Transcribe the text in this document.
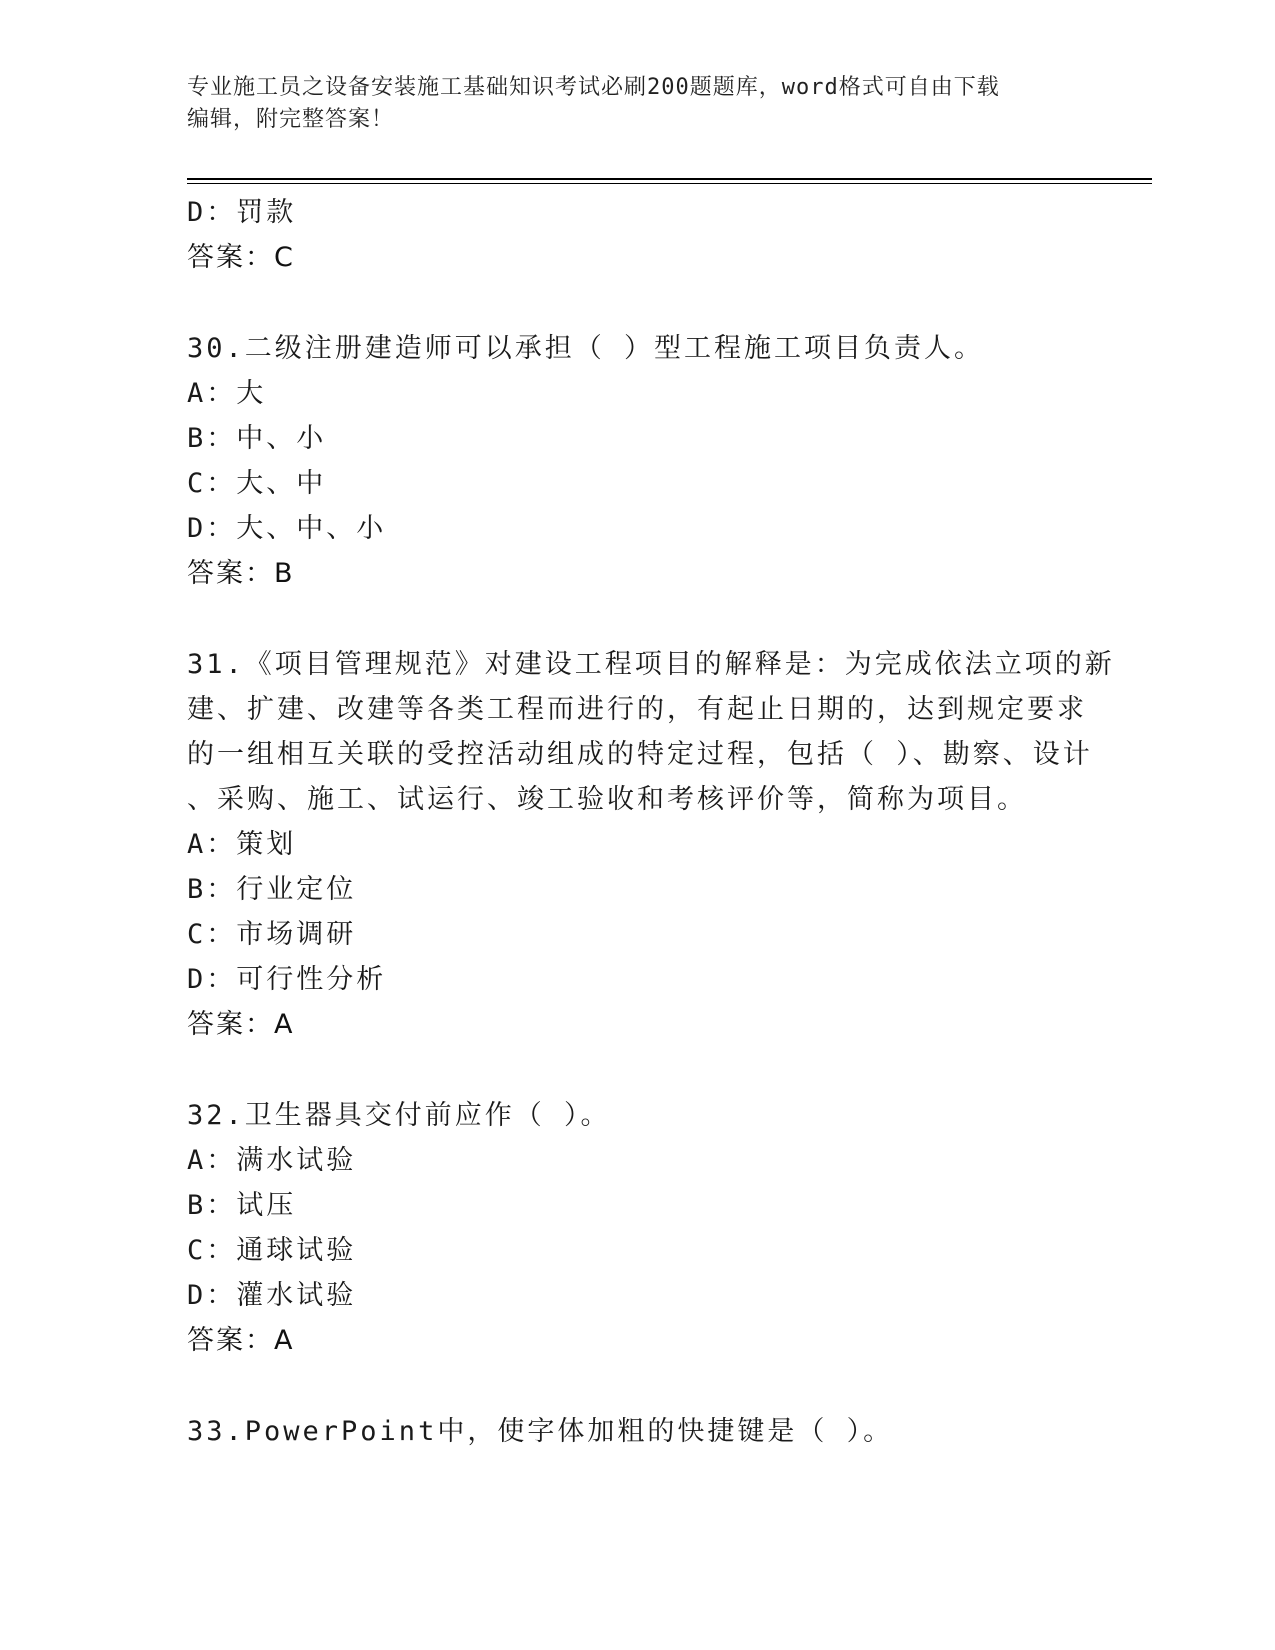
专业施工员之设备安装施工基础知识考试必刷200题题库，word格式可自由下载
编辑，附完整答案！
D：罚款
答案：C
30.二级注册建造师可以承担（ ）型工程施工项目负责人。
A：大
B：中、小
C：大、中
D：大、中、小
答案：B
31.《项目管理规范》对建设工程项目的解释是：为完成依法立项的新
建、扩建、改建等各类工程而进行的，有起止日期的，达到规定要求
的一组相互关联的受控活动组成的特定过程，包括（ ）、勘察、设计
、采购、施工、试运行、竣工验收和考核评价等，简称为项目。
A：策划
B：行业定位
C：市场调研
D：可行性分析
答案：A
32.卫生器具交付前应作（ ）。
A：满水试验
B：试压
C：通球试验
D：灌水试验
答案：A
33.PowerPoint中，使字体加粗的快捷键是（ ）。
